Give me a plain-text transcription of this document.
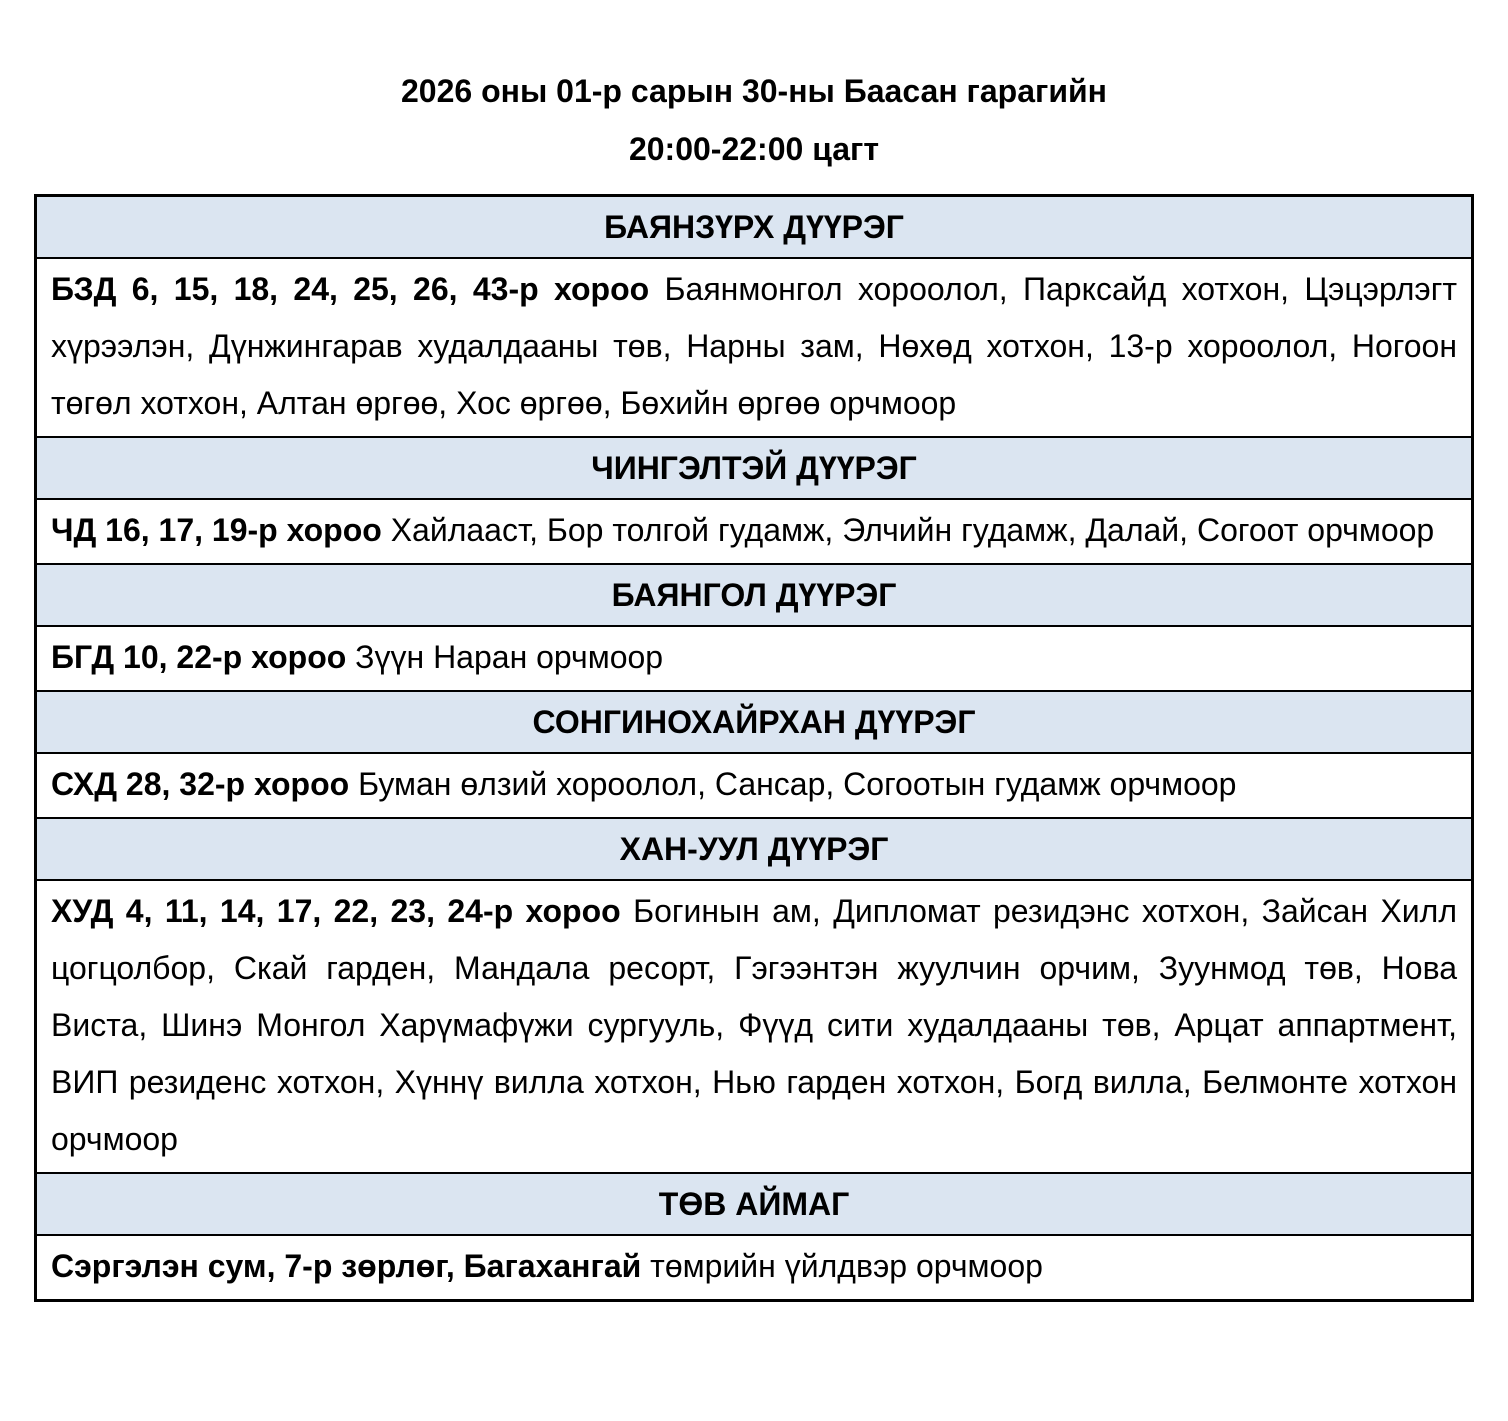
2026 оны 01-р сарын 30-ны Баасан гарагийн
20:00-22:00 цагт
БАЯНЗҮРХ ДҮҮРЭГ
БЗД 6, 15, 18, 24, 25, 26, 43-р хороо Баянмонгол хороолол, Парксайд хотхон, Цэцэрлэгт хүрээлэн, Дүнжингарав худалдааны төв, Нарны зам, Нөхөд хотхон, 13-р хороолол, Ногоон төгөл хотхон, Алтан өргөө, Хос өргөө, Бөхийн өргөө орчмоор
ЧИНГЭЛТЭЙ ДҮҮРЭГ
ЧД 16, 17, 19-р хороо Хайлааст, Бор толгой гудамж, Элчийн гудамж, Далай, Согоот орчмоор
БАЯНГОЛ ДҮҮРЭГ
БГД 10, 22-р хороо Зүүн Наран орчмоор
СОНГИНОХАЙРХАН ДҮҮРЭГ
СХД 28, 32-р хороо Буман өлзий хороолол, Сансар, Согоотын гудамж орчмоор
ХАН-УУЛ ДҮҮРЭГ
ХУД 4, 11, 14, 17, 22, 23, 24-р хороо Богинын ам, Дипломат резидэнс хотхон, Зайсан Хилл цогцолбор, Скай гарден, Мандала ресорт, Гэгээнтэн жуулчин орчим, Зуунмод төв, Нова Виста, Шинэ Монгол Харүмафүжи сургууль, Фүүд сити худалдааны төв, Арцат аппартмент, ВИП резиденс хотхон, Хүннү вилла хотхон, Нью гарден хотхон, Богд вилла, Белмонте хотхон орчмоор
ТӨВ АЙМАГ
Сэргэлэн сум, 7-р зөрлөг, Багахангай төмрийн үйлдвэр орчмоор
